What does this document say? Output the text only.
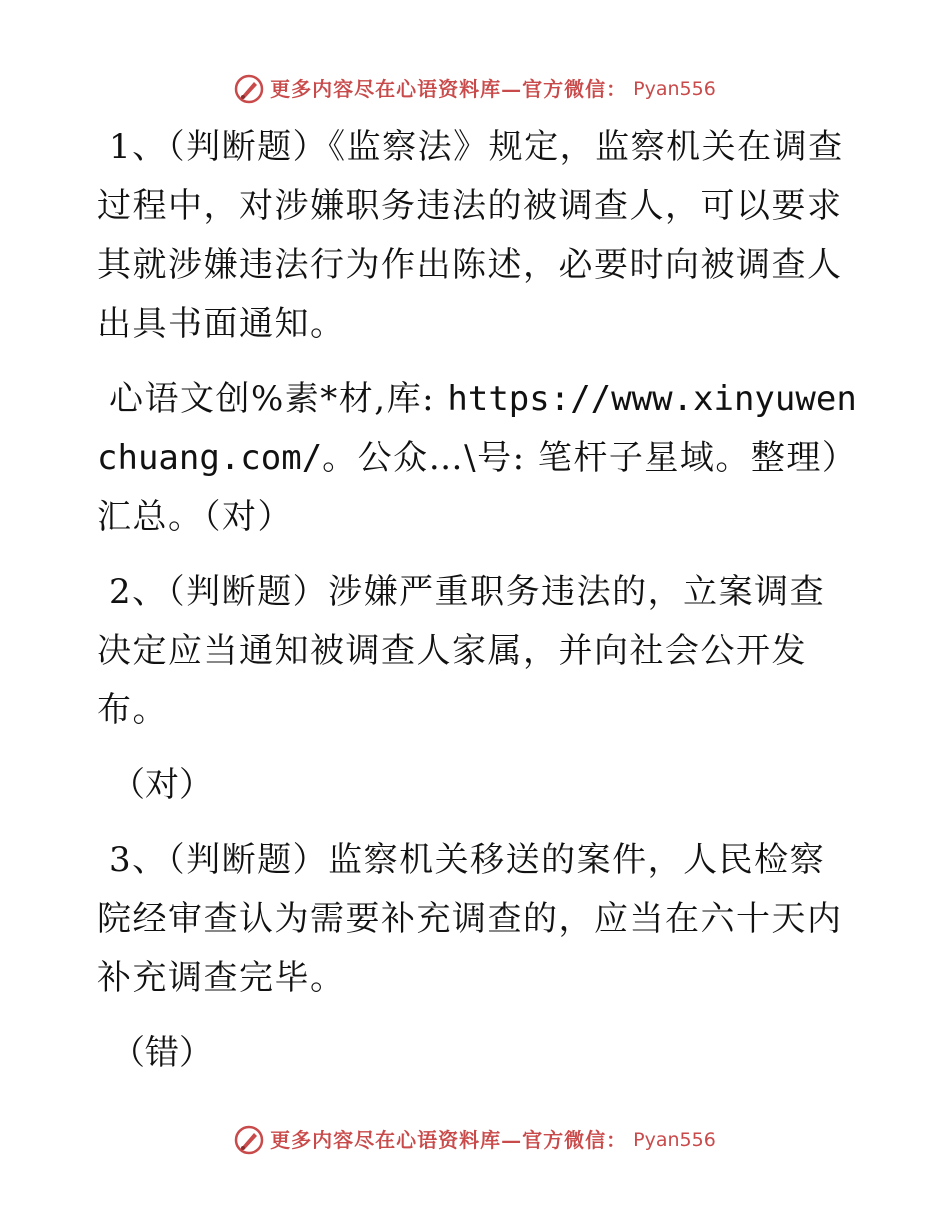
更多内容尽在心语资料库—官方微信： Pyan556

1、（判断题）《监察法》规定，监察机关在调查过程中，对涉嫌职务违法的被调查人，可以要求其就涉嫌违法行为作出陈述，必要时向被调查人出具书面通知。

心语文创%素*材,库: https://www.xinyuwenchuang.com/。公众…\号: 笔杆子星域。整理）汇总。（对）

2、（判断题）涉嫌严重职务违法的，立案调查决定应当通知被调查人家属，并向社会公开发布。

（对）

3、（判断题）监察机关移送的案件，人民检察院经审查认为需要补充调查的，应当在六十天内补充调查完毕。

（错）

更多内容尽在心语资料库—官方微信： Pyan556
